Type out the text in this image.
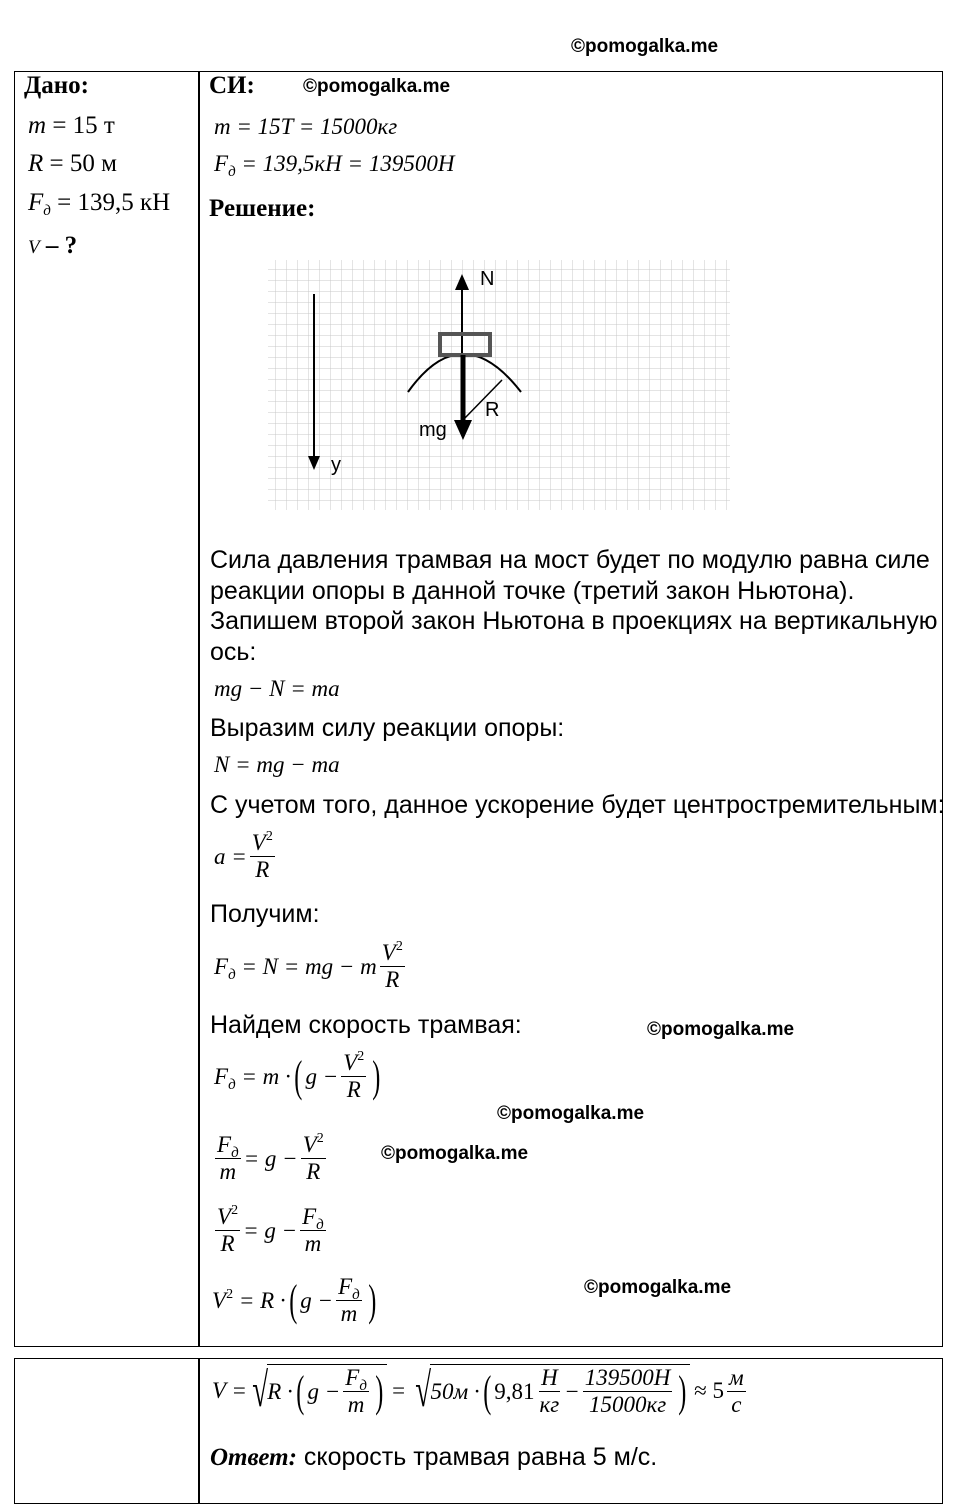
©pomogalka.me
©pomogalka.me
©pomogalka.me
©pomogalka.me
©pomogalka.me
©pomogalka.me
Дано:
m = 15 т
R = 50 м
$F_д = 139,5$ кН
V – ?
СИ:
m = 15T = 15000кг
$F_д = 139,5кН = 139500Н$
Решение:
N
R
mg
y
Сила давления трамвая на мост будет по модулю равна силе
реакции опоры в данной точке (третий закон Ньютона).
Запишем второй закон Ньютона в проекциях на вертикальную
ось:
mg − N = ma
Выразим силу реакции опоры:
N = mg − ma
С учетом того, данное ускорение будет центростремительным:
$a = \frac{V^2}{R}$
Получим:
$F_д = N$ = mg − m $\frac{V^2}{R}$
Найдем скорость трамвая:
$F_д = m$ · ( $g - \frac{V^2}{R}$ )
$\frac{F_д}{m} = g - \frac{V^2}{R}$
$\frac{V^2}{R} = g - \frac{F_д}{m}$
$V^2 = R$ · ( $g - \frac{F_д}{m}$ )
V = √ R · ( $g - \frac{F_д}{m}$ ) = √ 50м · ( $9,81 \frac{Н}{кг} - \frac{139500Н}{15000кг}$ ) ≈ $5 \frac{м}{с}$
Ответ: скорость трамвая равна 5 м/с.
